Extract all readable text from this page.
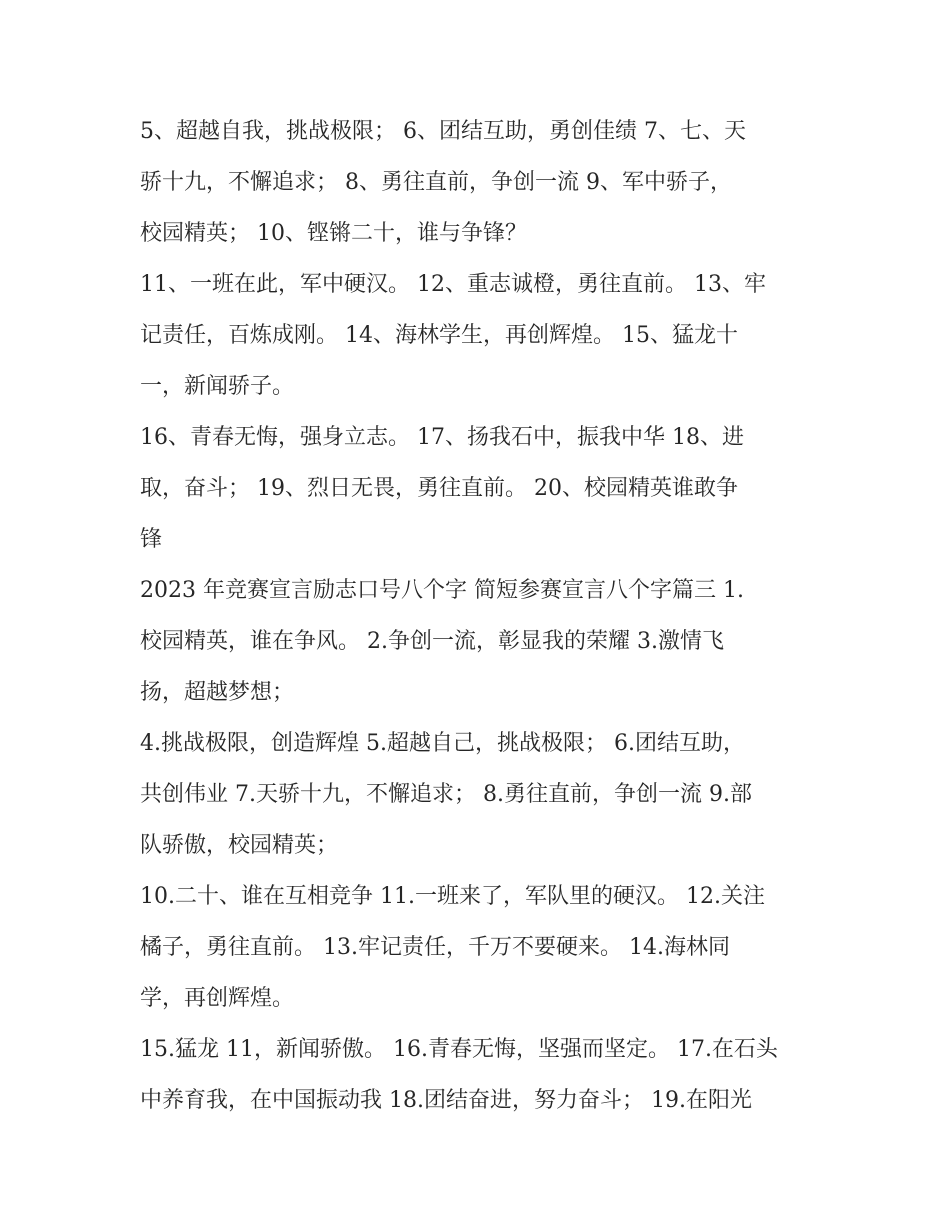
5、超越自我，挑战极限； 6、团结互助，勇创佳绩 7、七、天
骄十九，不懈追求； 8、勇往直前，争创一流 9、军中骄子，
校园精英； 10、铿锵二十，谁与争锋？
11、一班在此，军中硬汉。 12、重志诚橙，勇往直前。 13、牢
记责任，百炼成刚。 14、海林学生，再创辉煌。 15、猛龙十
一，新闻骄子。
16、青春无悔，强身立志。 17、扬我石中，振我中华 18、进
取，奋斗； 19、烈日无畏，勇往直前。 20、校园精英谁敢争
锋
2023 年竞赛宣言励志口号八个字 简短参赛宣言八个字篇三 1.
校园精英，谁在争风。 2.争创一流，彰显我的荣耀 3.激情飞
扬，超越梦想；
4.挑战极限，创造辉煌 5.超越自己，挑战极限； 6.团结互助，
共创伟业 7.天骄十九，不懈追求； 8.勇往直前，争创一流 9.部
队骄傲，校园精英；
10.二十、谁在互相竞争 11.一班来了，军队里的硬汉。 12.关注
橘子，勇往直前。 13.牢记责任，千万不要硬来。 14.海林同
学，再创辉煌。
15.猛龙 11，新闻骄傲。 16.青春无悔，坚强而坚定。 17.在石头
中养育我，在中国振动我 18.团结奋进，努力奋斗； 19.在阳光
